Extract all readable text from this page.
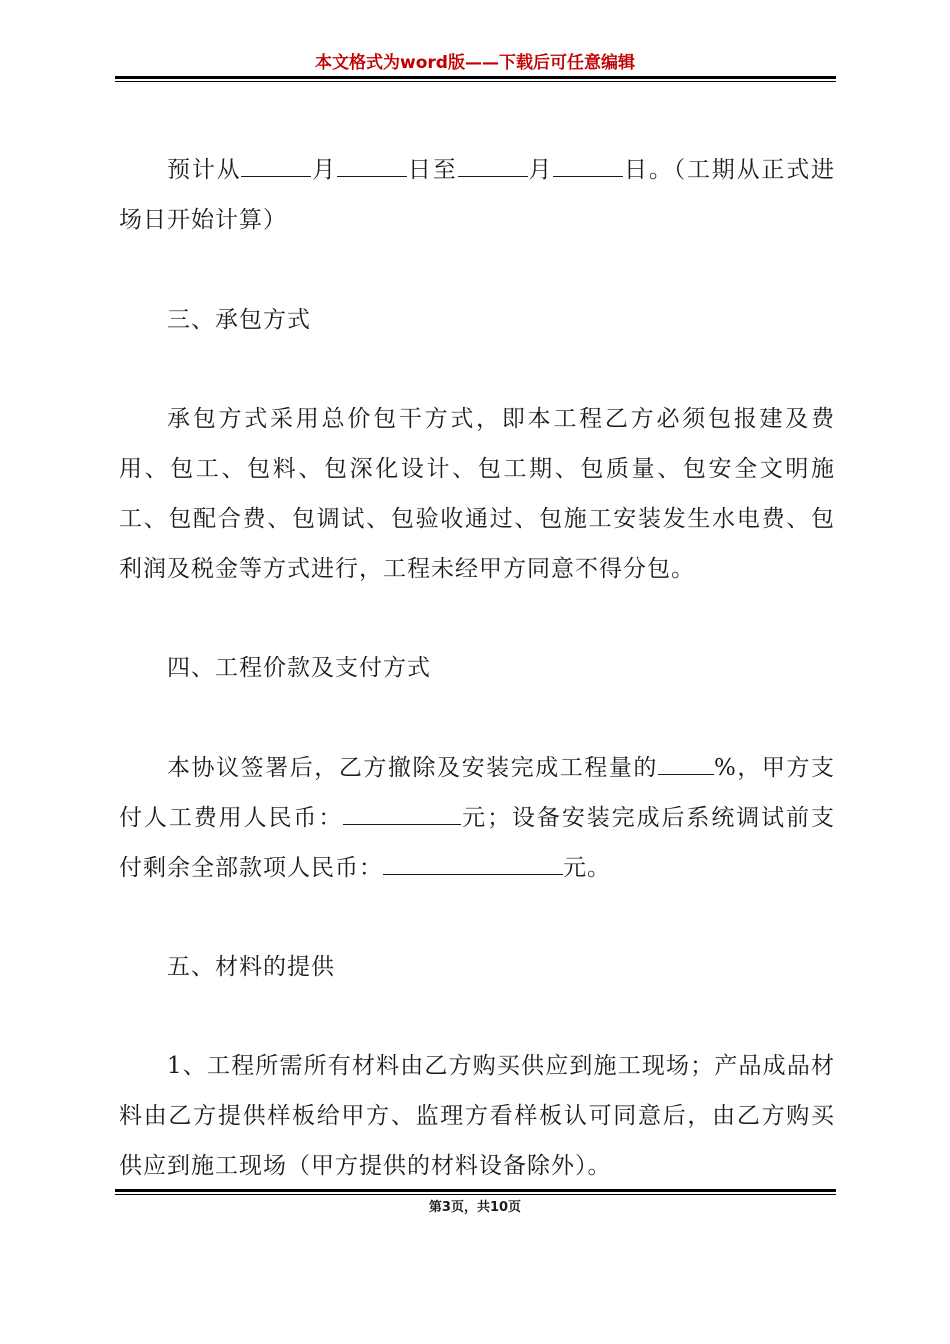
本文格式为word版——下载后可任意编辑

预计从	月	日至	月	日。（工期从正式进场日开始计算）

三、承包方式

承包方式采用总价包干方式，即本工程乙方必须包报建及费用、包工、包料、包深化设计、包工期、包质量、包安全文明施工、包配合费、包调试、包验收通过、包施工安装发生水电费、包利润及税金等方式进行，工程未经甲方同意不得分包。

四、工程价款及支付方式

本协议签署后，乙方撤除及安装完成工程量的 %，甲方支付人工费用人民币：	元；设备安装完成后系统调试前支付剩余全部款项人民币：	元。

五、材料的提供

1、工程所需所有材料由乙方购买供应到施工现场；产品成品材料由乙方提供样板给甲方、监理方看样板认可同意后，由乙方购买供应到施工现场（甲方提供的材料设备除外）。

第3页，共10页
